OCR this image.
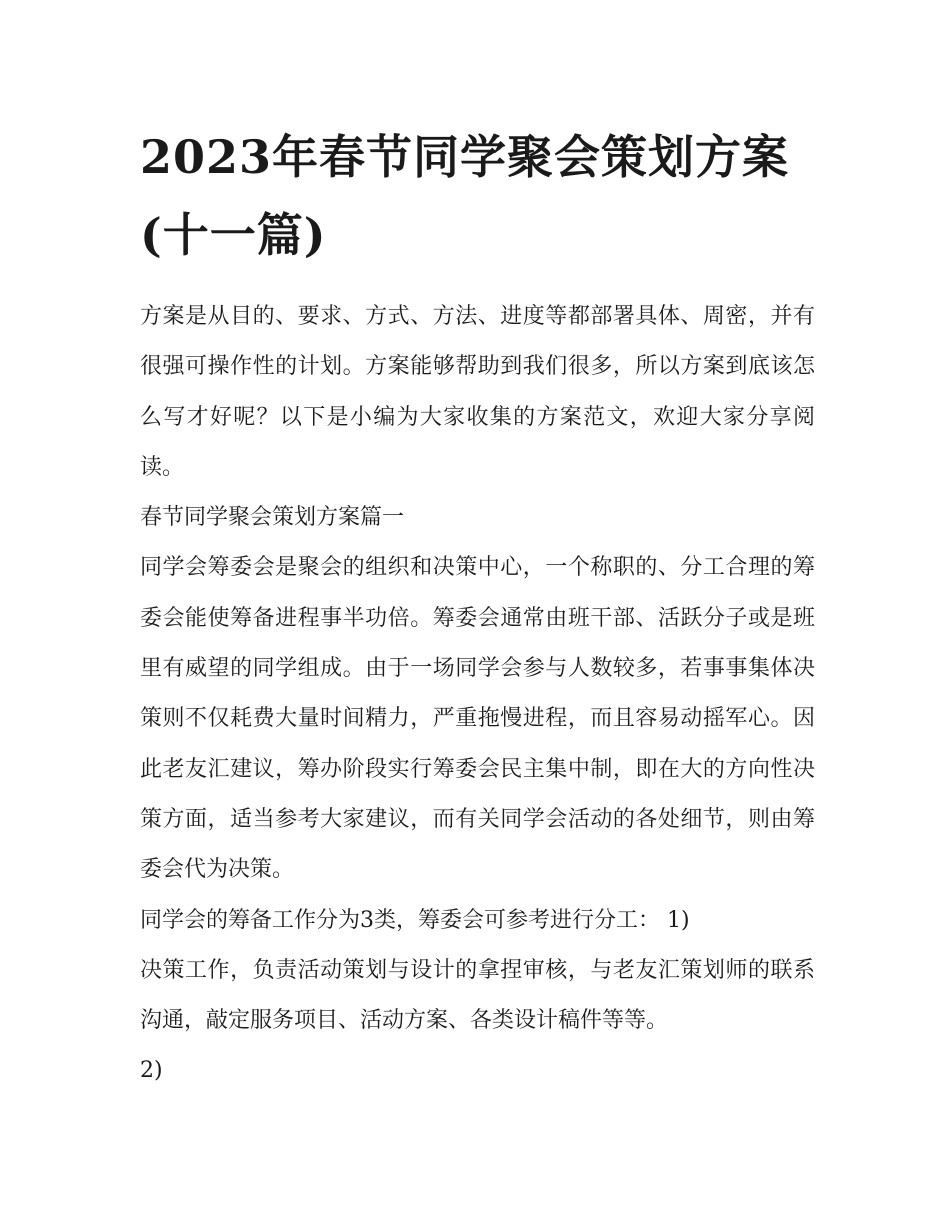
2023年春节同学聚会策划方案(十一篇)

方案是从目的、要求、方式、方法、进度等都部署具体、周密，并有很强可操作性的计划。方案能够帮助到我们很多，所以方案到底该怎么写才好呢？以下是小编为大家收集的方案范文，欢迎大家分享阅读。

春节同学聚会策划方案篇一

同学会筹委会是聚会的组织和决策中心，一个称职的、分工合理的筹委会能使筹备进程事半功倍。筹委会通常由班干部、活跃分子或是班里有威望的同学组成。由于一场同学会参与人数较多，若事事集体决策则不仅耗费大量时间精力，严重拖慢进程，而且容易动摇军心。因此老友汇建议，筹办阶段实行筹委会民主集中制，即在大的方向性决策方面，适当参考大家建议，而有关同学会活动的各处细节，则由筹委会代为决策。

同学会的筹备工作分为3类，筹委会可参考进行分工： 1)

决策工作，负责活动策划与设计的拿捏审核，与老友汇策划师的联系沟通，敲定服务项目、活动方案、各类设计稿件等等。

2)
